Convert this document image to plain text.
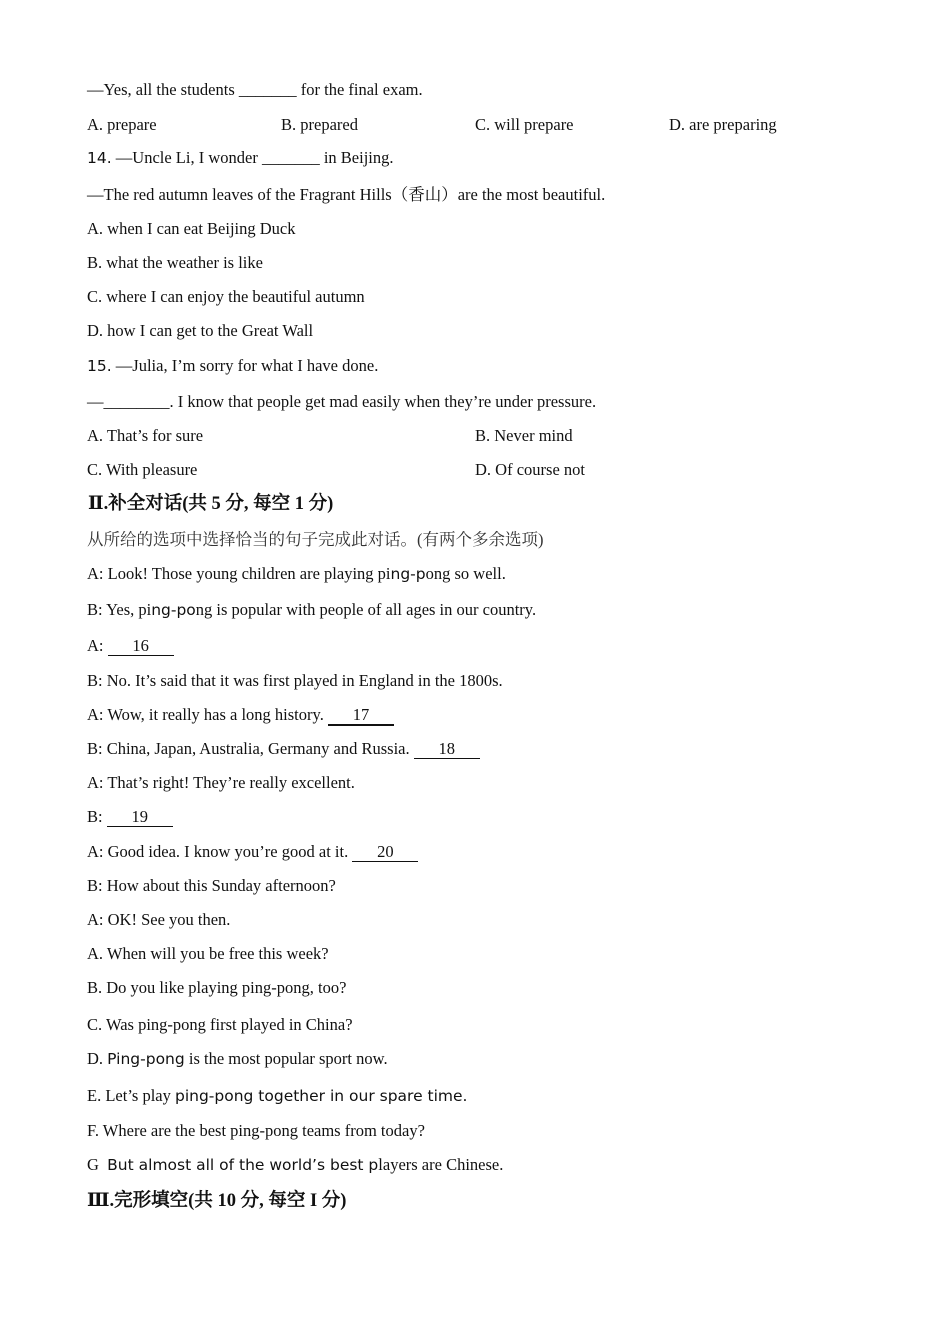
—Yes, all the students _______ for the final exam.
A. prepare	B. prepared	C. will prepare	D. are preparing
14. —Uncle Li, I wonder _______ in Beijing.
—The red autumn leaves of the Fragrant Hills（香山）are the most beautiful.
A. when I can eat Beijing Duck
B. what the weather is like
C. where I can enjoy the beautiful autumn
D. how I can get to the Great Wall
15. —Julia, I’m sorry for what I have done.
—________. I know that people get mad easily when they’re under pressure.
A. That’s for sure	B. Never mind
C. With pleasure	D. Of course not
Ⅱ.补全对话(共 5 分, 每空 1 分)
从所给的选项中选择恰当的句子完成此对话。(有两个多余选项)
A: Look! Those young children are playing ping-pong so well.
B: Yes, ping-pong is popular with people of all ages in our country.
A: 16
B: No. It’s said that it was first played in England in the 1800s.
A: Wow, it really has a long history. 17
B: China, Japan, Australia, Germany and Russia. 18
A: That’s right! They’re really excellent.
B: 19
A: Good idea. I know you’re good at it. 20
B: How about this Sunday afternoon?
A: OK! See you then.
A. When will you be free this week?
B. Do you like playing ping-pong, too?
C. Was ping-pong first played in China?
D. Ping-pong is the most popular sport now.
E. Let’s play ping-pong together in our spare time.
F. Where are the best ping-pong teams from today?
G But almost all of the world’s best players are Chinese.
Ⅲ.完形填空(共 10 分, 每空 I 分)
